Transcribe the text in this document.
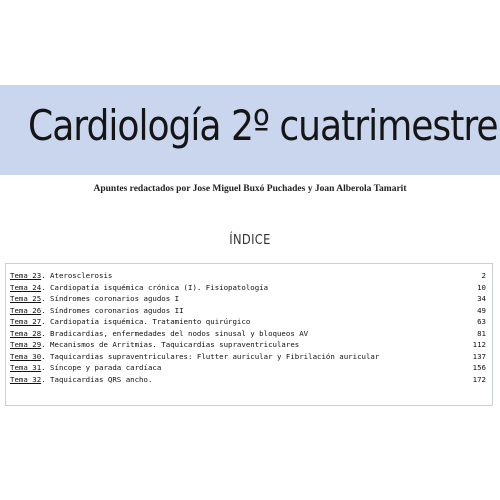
Cardiología 2º cuatrimestre
Apuntes redactados por Jose Miguel Buxó Puchades y Joan Alberola Tamarit
ÍNDICE
Tema 23. Aterosclerosis	2
Tema 24. Cardiopatía isquémica crónica (I). Fisiopatología	10
Tema 25. Síndromes coronarios agudos I	34
Tema 26. Síndromes coronarios agudos II	49
Tema 27. Cardiopatía isquémica. Tratamiento quirúrgico	63
Tema 28. Bradicardias, enfermedades del nodos sinusal y bloqueos AV	81
Tema 29. Mecanismos de Arritmias. Taquicardias supraventriculares	112
Tema 30. Taquicardias supraventriculares: Flutter auricular y Fibrilación auricular	137
Tema 31. Síncope y parada cardíaca	156
Tema 32. Taquicardias QRS ancho.	172
